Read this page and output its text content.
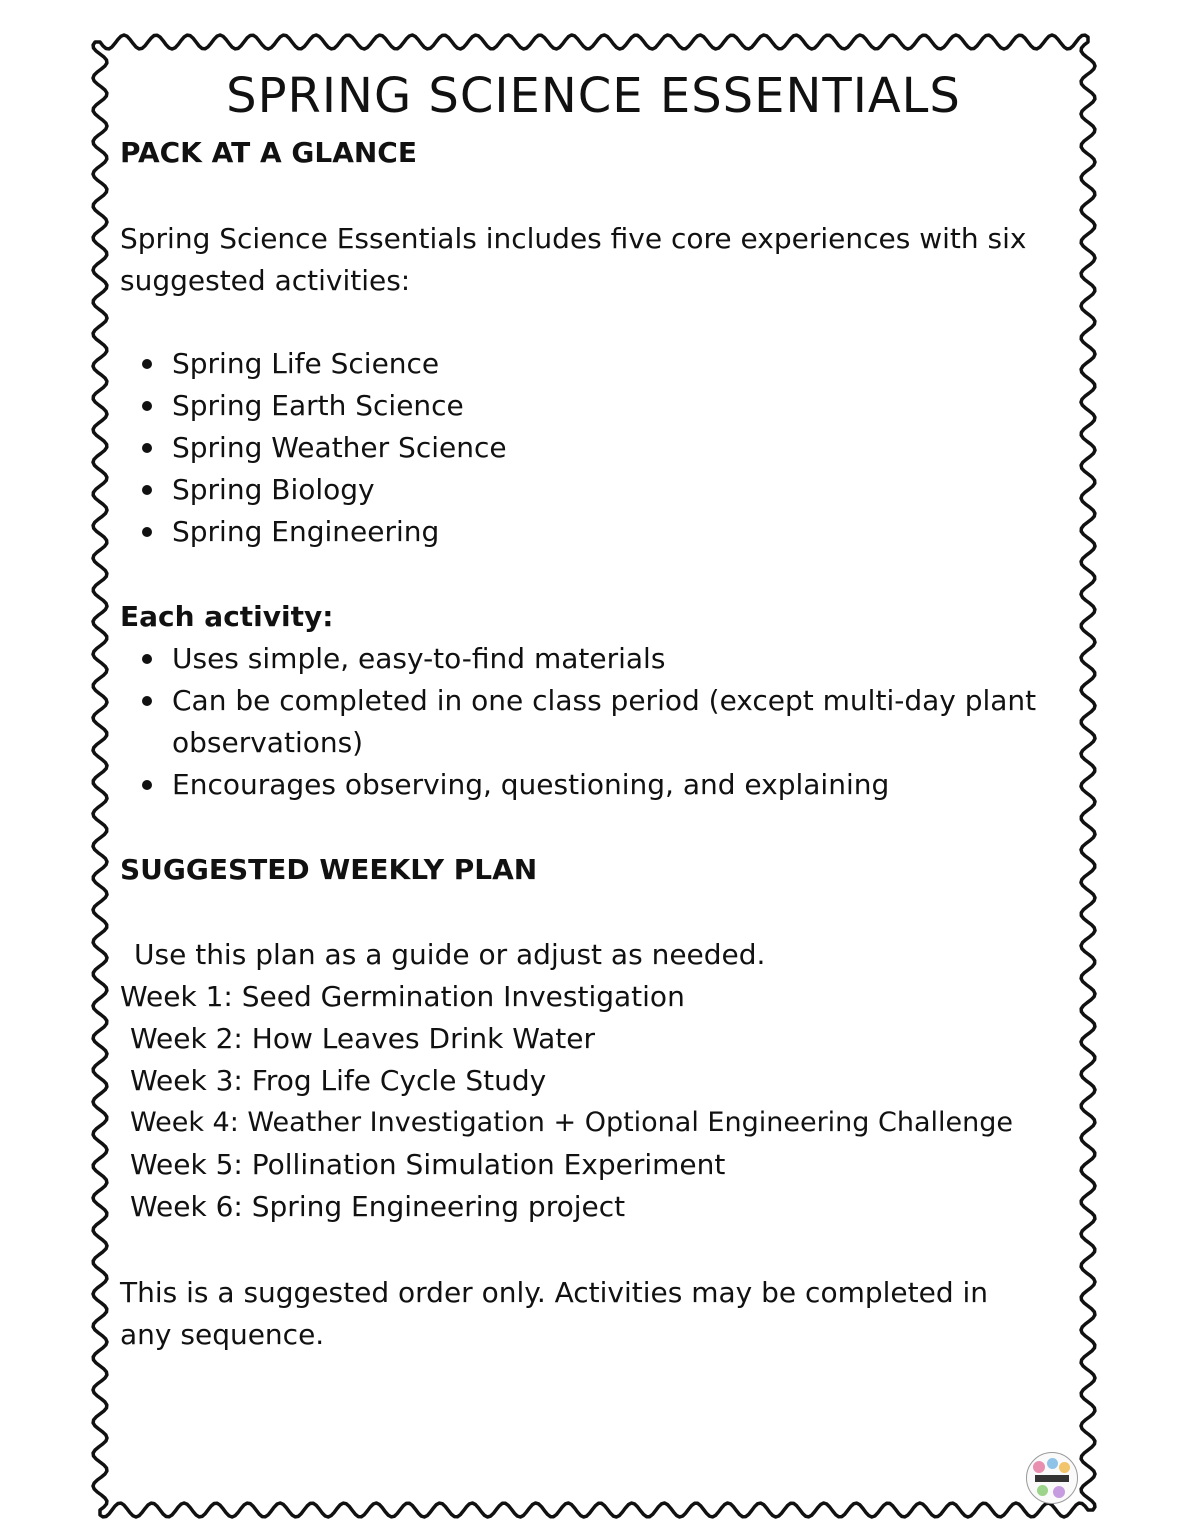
SPRING SCIENCE ESSENTIALS
PACK AT A GLANCE

Spring Science Essentials includes five core experiences with six suggested activities:

Spring Life Science
Spring Earth Science
Spring Weather Science
Spring Biology
Spring Engineering
Each activity:
Uses simple, easy-to-find materials
Can be completed in one class period (except multi-day plant observations)
Encourages observing, questioning, and explaining
SUGGESTED WEEKLY PLAN
Use this plan as a guide or adjust as needed.
Week 1: Seed Germination Investigation
Week 2: How Leaves Drink Water
Week 3: Frog Life Cycle Study
Week 4: Weather Investigation + Optional Engineering Challenge
Week 5: Pollination Simulation Experiment
Week 6: Spring Engineering project

This is a suggested order only. Activities may be completed in any sequence.
